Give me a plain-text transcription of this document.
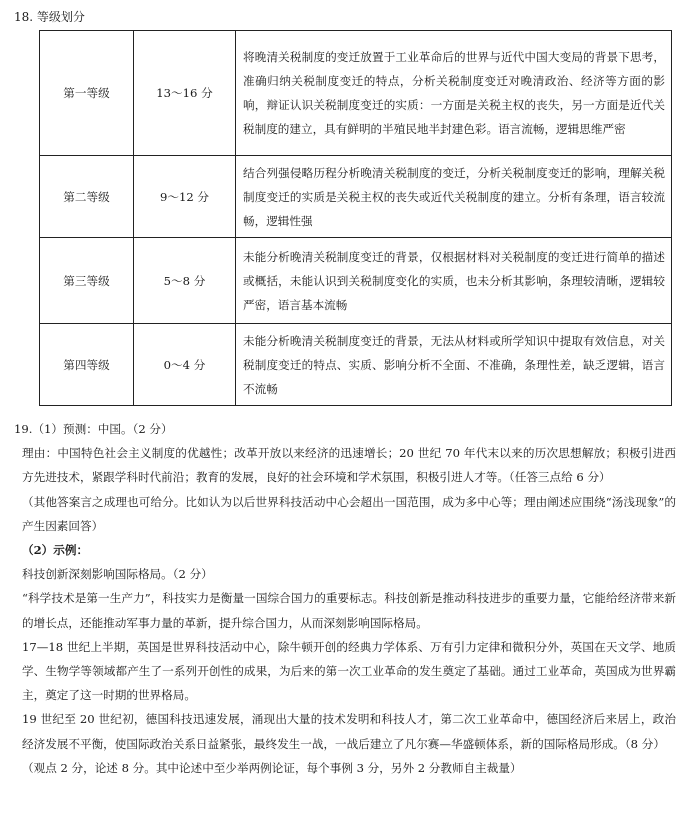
18. 等级划分
第一等级	13～16 分	将晚清关税制度的变迁放置于工业革命后的世界与近代中国大变局的背景下思考，准确归纳关税制度变迁的特点，分析关税制度变迁对晚清政治、经济等方面的影响，辩证认识关税制度变迁的实质：一方面是关税主权的丧失，另一方面是近代关税制度的建立，具有鲜明的半殖民地半封建色彩。语言流畅，逻辑思维严密
第二等级	9～12 分	结合列强侵略历程分析晚清关税制度的变迁，分析关税制度变迁的影响，理解关税制度变迁的实质是关税主权的丧失或近代关税制度的建立。分析有条理，语言较流畅，逻辑性强
第三等级	5～8 分	未能分析晚清关税制度变迁的背景，仅根据材料对关税制度的变迁进行简单的描述或概括，未能认识到关税制度变化的实质，也未分析其影响，条理较清晰，逻辑较严密，语言基本流畅
第四等级	0～4 分	未能分析晚清关税制度变迁的背景，无法从材料或所学知识中提取有效信息，对关税制度变迁的特点、实质、影响分析不全面、不准确，条理性差，缺乏逻辑，语言不流畅

19.（1）预测：中国。（2 分）

理由：中国特色社会主义制度的优越性；改革开放以来经济的迅速增长；20 世纪 70 年代末以来的历次思想解放；积极引进西方先进技术，紧跟学科时代前沿；教育的发展，良好的社会环境和学术氛围，积极引进人才等。（任答三点给 6 分）

（其他答案言之成理也可给分。比如认为以后世界科技活动中心会超出一国范围，成为多中心等；理由阐述应围绕“汤浅现象”的产生因素回答）

（2）示例：

科技创新深刻影响国际格局。（2 分）

“科学技术是第一生产力”，科技实力是衡量一国综合国力的重要标志。科技创新是推动科技进步的重要力量，它能给经济带来新的增长点，还能推动军事力量的革新，提升综合国力，从而深刻影响国际格局。

17—18 世纪上半期，英国是世界科技活动中心，除牛顿开创的经典力学体系、万有引力定律和微积分外，英国在天文学、地质学、生物学等领域都产生了一系列开创性的成果，为后来的第一次工业革命的发生奠定了基础。通过工业革命，英国成为世界霸主，奠定了这一时期的世界格局。

19 世纪至 20 世纪初，德国科技迅速发展，涌现出大量的技术发明和科技人才，第二次工业革命中，德国经济后来居上，政治经济发展不平衡，使国际政治关系日益紧张，最终发生一战，一战后建立了凡尔赛—华盛顿体系，新的国际格局形成。（8 分）

（观点 2 分，论述 8 分。其中论述中至少举两例论证，每个事例 3 分，另外 2 分教师自主裁量）
